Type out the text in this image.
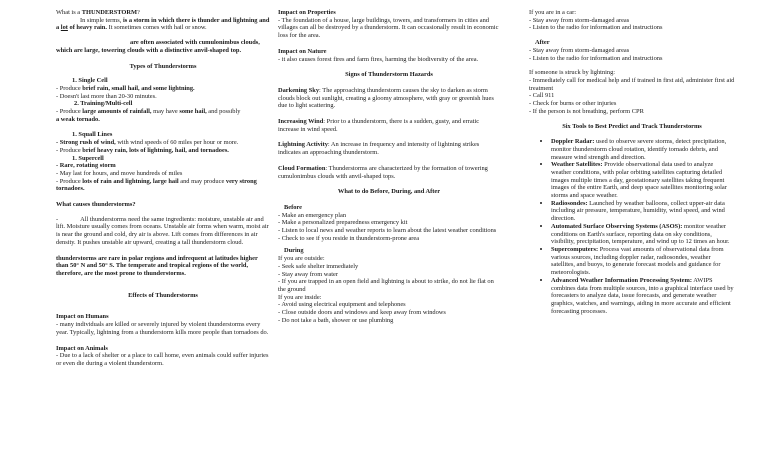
What is a THUNDERSTORM?

In simple terms, is a storm in which there is thunder and lightning and a lot of heavy rain. It sometimes comes with hail or snow.

are often associated with cumulonimbus clouds, which are large, towering clouds with a distinctive anvil-shaped top.

Types of Thunderstorms

1. Single Cell

- Produce brief rain, small hail, and some lightning.

- Doesn't last more than 20-30 minutes.

2. Training/Multi-cell

- Produce large amounts of rainfall, may have some hail, and possibly

a weak tornado.

1. Squall Lines

- Strong rush of wind, with wind speeds of 60 miles per hour or more.

- Produce brief heavy rain, lots of lightning, hail, and tornadoes.

1. Supercell

- Rare, rotating storm

- May last for hours, and move hundreds of miles

- Produce lots of rain and lightning, large hail and may produce very strong tornadoes.

What causes thunderstorms?

-	All thunderstorms need the same ingredients: moisture, unstable air and lift. Moisture usually comes from oceans. Unstable air forms when warm, moist air is near the ground and cold, dry air is above. Lift comes from differences in air density. It pushes unstable air upward, creating a tall thunderstorm cloud.

thunderstorms are rare in polar regions and infrequent at latitudes higher than 50° N and 50° S. The temperate and tropical regions of the world, therefore, are the most prone to thunderstorms.

Effects of Thunderstorms

Impact on Humans

- many individuals are killed or severely injured by violent thunderstorms every year. Typically, lightning from a thunderstorm kills more people than tornadoes do.

Impact on Animals

- Due to a lack of shelter or a place to call home, even animals could suffer injuries or even die during a violent thunderstorm.

Impact on Properties

- The foundation of a house, large buildings, towers, and transformers in cities and villages can all be destroyed by a thunderstorm. It can occasionally result in economic loss for the area.

Impact on Nature

- it also causes forest fires and farm fires, harming the biodiversity of the area.

Signs of Thunderstorm Hazards

Darkening Sky: The approaching thunderstorm causes the sky to darken as storm clouds block out sunlight, creating a gloomy atmosphere, with gray or greenish hues due to light scattering.

Increasing Wind: Prior to a thunderstorm, there is a sudden, gusty, and erratic increase in wind speed.

Lightning Activity: An increase in frequency and intensity of lightning strikes indicates an approaching thunderstorm.

Cloud Formation: Thunderstorms are characterized by the formation of towering cumulonimbus clouds with anvil-shaped tops.

What to do Before, During, and After

Before

- Make an emergency plan

- Make a personalized preparedness emergency kit

- Listen to local news and weather reports to learn about the latest weather conditions

- Check to see if you reside in thunderstorm-prone area

During

If you are outside:

- Seek safe shelter immediately

- Stay away from water

- If you are trapped in an open field and lightning is about to strike, do not lie flat on the ground

If you are inside:

- Avoid using electrical equipment and telephones

- Close outside doors and windows and keep away from windows

- Do not take a bath, shower or use plumbing

If you are in a car:

- Stay away from storm-damaged areas

- Listen to the radio for information and instructions

After

- Stay away from storm-damaged areas

- Listen to the radio for information and instructions

If someone is struck by lightning:

- Immediately call for medical help and if trained in first aid, administer first aid treatment

- Call 911

- Check for burns or other injuries

- If the person is not breathing, perform CPR

Six Tools to Best Predict and Track Thunderstorms

• Doppler Radar: used to observe severe storms, detect precipitation, monitor thunderstorm cloud rotation, identify tornado debris, and measure wind strength and direction.
• Weather Satellites: Provide observational data used to analyze weather conditions, with polar orbiting satellites capturing detailed images multiple times a day, geostationary satellites taking frequent images of the entire Earth, and deep space satellites monitoring solar storms and space weather.
• Radiosondes: Launched by weather balloons, collect upper-air data including air pressure, temperature, humidity, wind speed, and wind direction.
• Automated Surface Observing Systems (ASOS): monitor weather conditions on Earth's surface, reporting data on sky conditions, visibility, precipitation, temperature, and wind up to 12 times an hour.
• Supercomputers: Process vast amounts of observational data from various sources, including doppler radar, radiosondes, weather satellites, and buoys, to generate forecast models and guidance for meteorologists.
• Advanced Weather Information Processing System: AWIPS combines data from multiple sources, into a graphical interface used by forecasters to analyze data, issue forecasts, and generate weather graphics, watches, and warnings, aiding in more accurate and efficient forecasting processes.
